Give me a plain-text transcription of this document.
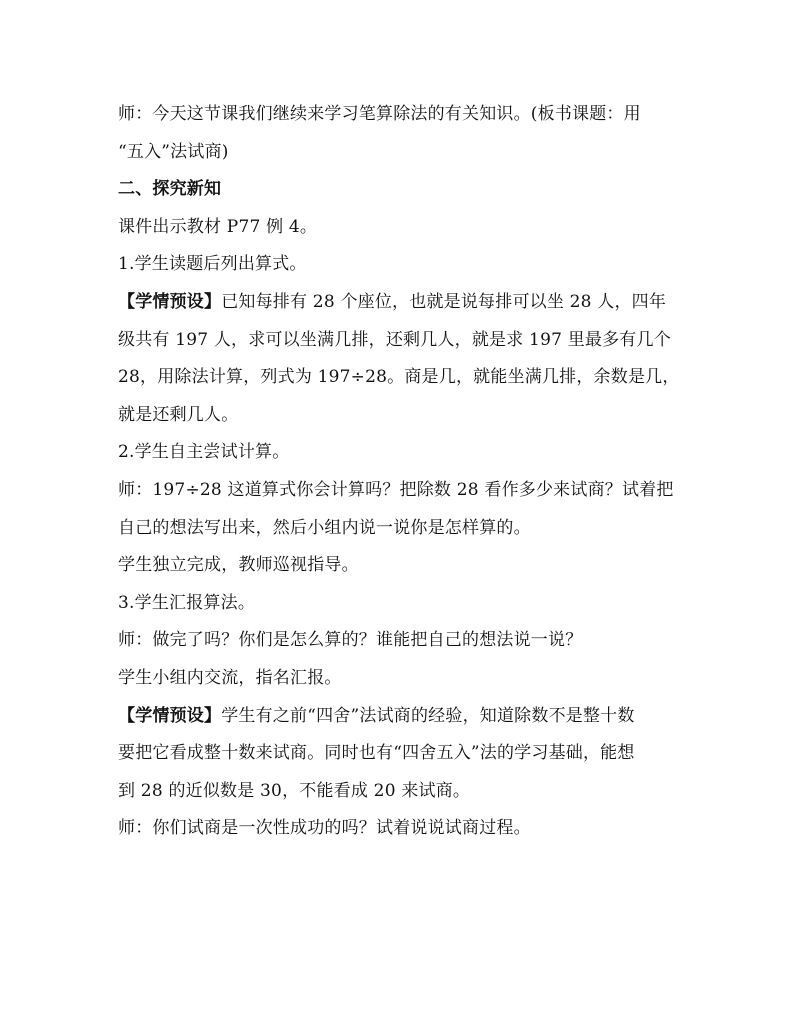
师：今天这节课我们继续来学习笔算除法的有关知识。(板书课题：用
“五入”法试商)
二、探究新知
课件出示教材 P77 例 4。
1.学生读题后列出算式。
【学情预设】已知每排有 28 个座位，也就是说每排可以坐 28 人，四年
级共有 197 人，求可以坐满几排，还剩几人，就是求 197 里最多有几个
28，用除法计算，列式为 197÷28。商是几，就能坐满几排，余数是几，
就是还剩几人。
2.学生自主尝试计算。
师：197÷28 这道算式你会计算吗？把除数 28 看作多少来试商？试着把
自己的想法写出来，然后小组内说一说你是怎样算的。
学生独立完成，教师巡视指导。
3.学生汇报算法。
师：做完了吗？你们是怎么算的？谁能把自己的想法说一说？
学生小组内交流，指名汇报。
【学情预设】学生有之前“四舍”法试商的经验，知道除数不是整十数
要把它看成整十数来试商。同时也有“四舍五入”法的学习基础，能想
到 28 的近似数是 30，不能看成 20 来试商。
师：你们试商是一次性成功的吗？试着说说试商过程。
